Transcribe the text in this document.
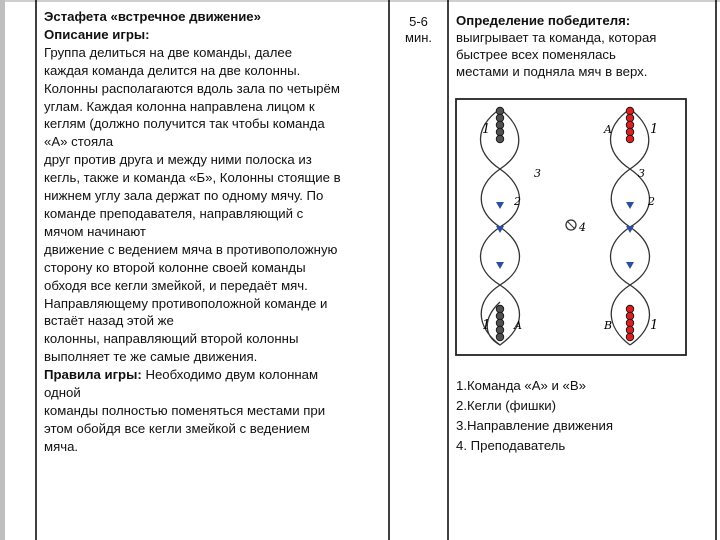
Эстафета «встречное движение»
Описание игры:
Группа делиться на две команды, далее
каждая команда делится на две колонны.
Колонны располагаются вдоль зала по четырём
углам. Каждая колонна направлена лицом к
кеглям (должно получится так чтобы команда
«А» стояла
друг против друга и между ними полоска из
кегль, также и команда «Б», Колонны стоящие в
нижнем углу зала держат по одному мячу. По
команде преподавателя, направляющий с
мячом начинают
движение с ведением мяча в противоположную
сторону ко второй колонне своей команды
обходя все кегли змейкой, и передаёт мяч.
Направляющему противоположной команде и
встаёт назад этой же
колонны, направляющий второй колонны
выполняет те же самые движения.
Правила игры: Необходимо двум колоннам
одной
команды полностью поменяться местами при
этом обойдя все кегли змейкой с ведением
мяча.
5-6
мин.
Определение победителя:
выигрывает та команда, которая
быстрее всех поменялась
местами и подняла мяч в верх.
4
1	A	1
2
3
2
3
A	B	1
1
1.Команда «А» и «В»
2.Кегли (фишки)
3.Направление движения
4. Преподаватель
